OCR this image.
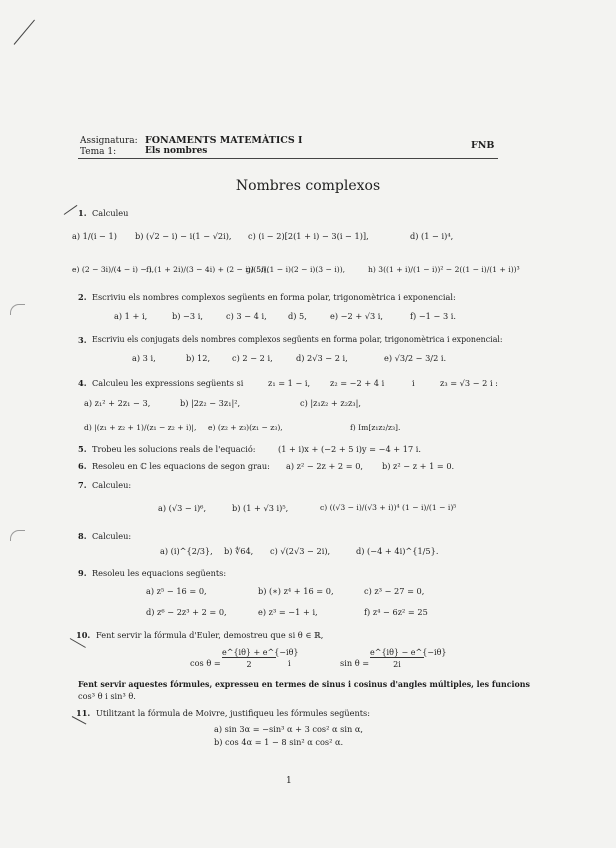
Assignatura: FONAMENTS MATEMÀTICS I
Tema 1:	Els nombres	FNB
Nombres complexos
1. Calculeu
a) 1/(i − 1) b) (√2 − i) − i(1 − √2i), c) (i − 2)[2(1 + i) − 3(i − 1)],	d) (1 − i)⁴,
e) (2 − 3i)/(4 − i) − i,
f) (1 + 2i)/(3 − 4i) + (2 − i)/(5i),
g) 5/((1 − i)(2 − i)(3 − i)),	h) 3((1 + i)/(1 − i))² − 2((1 − i)/(1 + i))³
2. Escriviu els nombres complexos següents en forma polar, trigonomètrica i exponencial:
a) 1 + i,	b) −3 i,	c) 3 − 4 i,	d) 5,	e) −2 + √3 i,	f) −1 − 3 i.
3. Escriviu els conjugats dels nombres complexos següents en forma polar, trigonomètrica i exponencial:
a) 3 i,	b) 12,	c) 2 − 2 i,	d) 2√3 − 2 i,	e) √3/2 − 3/2 i.
4. Calculeu les expressions següents si	z₁ = 1 − i, z₂ = −2 + 4 i	i	z₃ = √3 − 2 i :
a) z₁² + 2z₁ − 3,	b) |2z₂ − 3z₁|²,	c) |z₁z₂ + z₂z₃|,
d) |(z₁ + z₂ + 1)/(z₁ − z₂ + i)|, e) (z₂ + z₃)(z₁ − z₃),	f) Im[z₁z₂/z₃].
5. Trobeu les solucions reals de l'equació:	(1 + i)x + (−2 + 5 i)y = −4 + 17 i.
6. Resoleu en ℂ les equacions de segon grau: a) z² − 2z + 2 = 0, b) z² − z + 1 = 0.
7. Calculeu:
a) (√3 − i)⁶,	b) (1 + √3 i)⁵,	c) ((√3 − i)/(√3 + i))⁴ (1 − i)/(1 − i)⁵
8. Calculeu:
a) (i)^{2/3}, b) ∜64, c) √(2√3 − 2i),	d) (−4 + 4i)^{1/5}.
9. Resoleu les equacions següents:
a) z⁵ − 16 = 0,	b) (∗) z⁴ + 16 = 0,	c) z³ − 27 = 0,
d) z⁶ − 2z³ + 2 = 0,	e) z³ = −1 + i,	f) z⁴ − 6z² = 25
10. Fent servir la fórmula d'Euler, demostreu que si θ ∈ ℝ,
cos θ =
e^{iθ} + e^{−iθ}
2	i	sin θ =
e^{iθ} − e^{−iθ}
2i
Fent servir aquestes fórmules, expresseu en termes de sinus i cosinus d'angles múltiples, les funcions
cos³ θ i sin³ θ.
11. Utilitzant la fórmula de Moivre, justifiqueu les fórmules següents:
a) sin 3α = −sin³ α + 3 cos² α sin α,
b) cos 4α = 1 − 8 sin² α cos² α.
1
